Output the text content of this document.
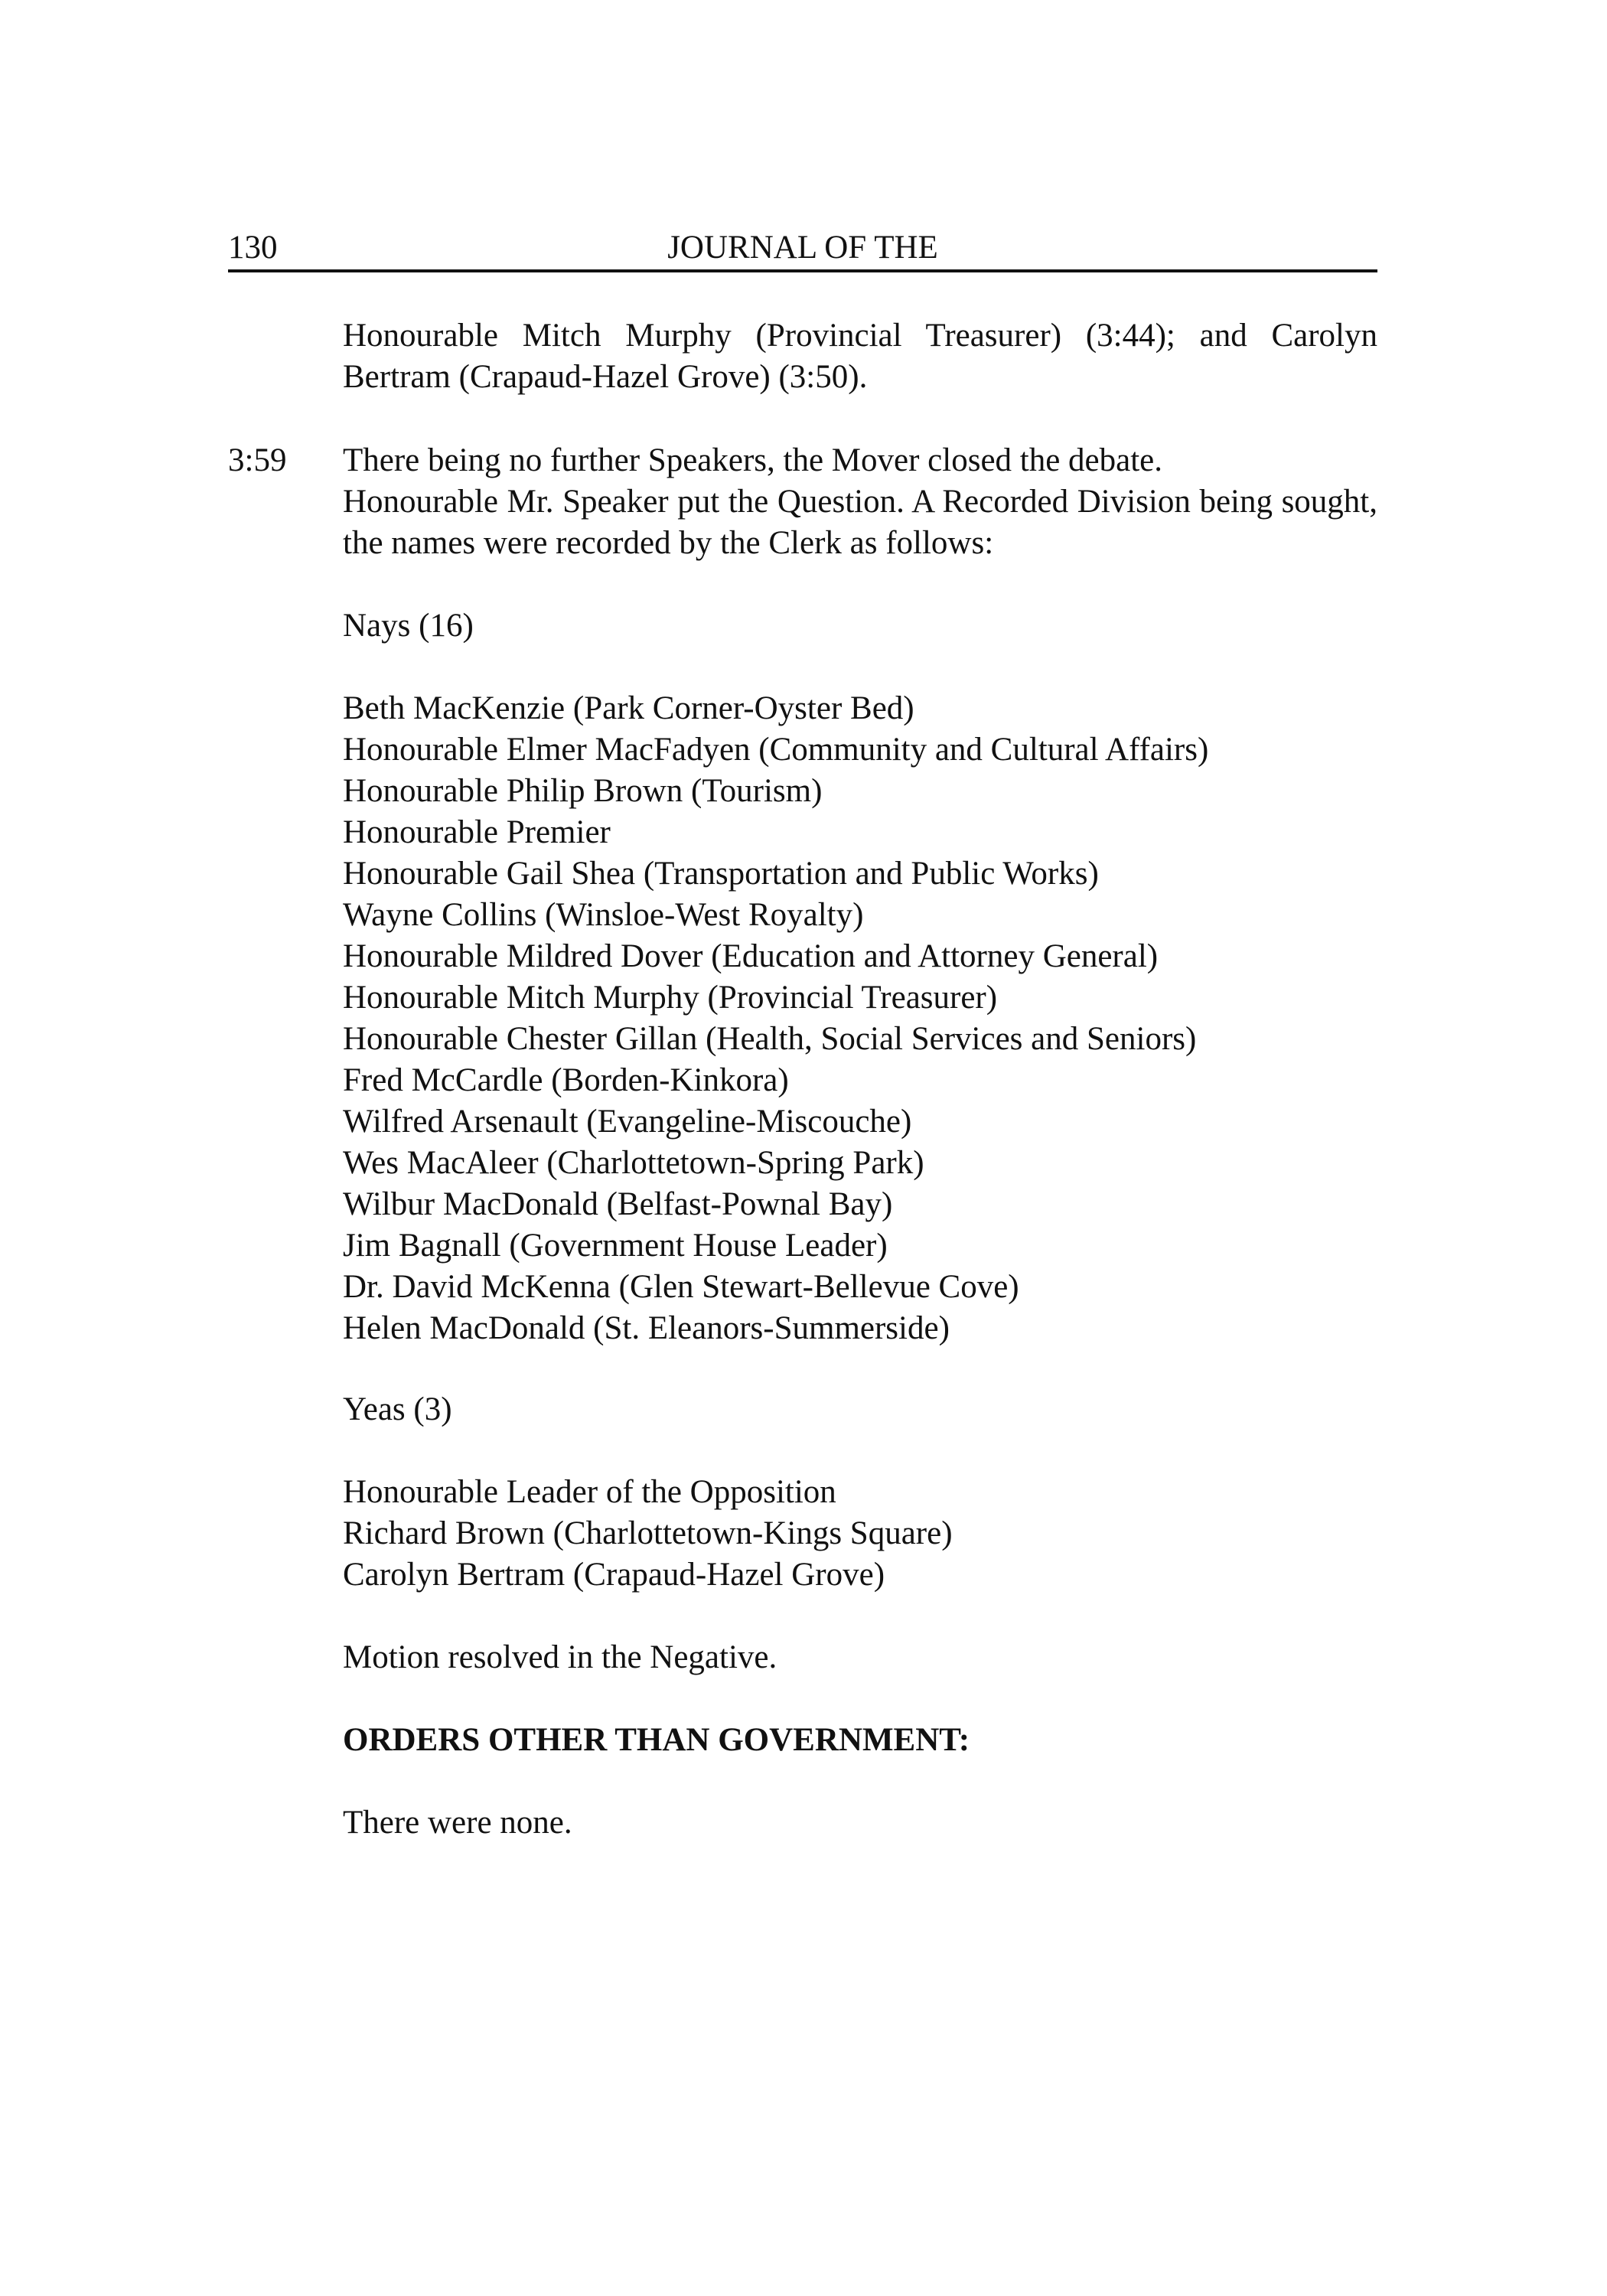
130	JOURNAL OF THE

Honourable Mitch Murphy (Provincial Treasurer) (3:44); and Carolyn Bertram (Crapaud-Hazel Grove) (3:50).

3:59 There being no further Speakers, the Mover closed the debate.

Honourable Mr. Speaker put the Question. A Recorded Division being sought, the names were recorded by the Clerk as follows:

Nays (16)

Beth MacKenzie (Park Corner-Oyster Bed)
Honourable Elmer MacFadyen (Community and Cultural Affairs)
Honourable Philip Brown (Tourism)
Honourable Premier
Honourable Gail Shea (Transportation and Public Works)
Wayne Collins (Winsloe-West Royalty)
Honourable Mildred Dover (Education and Attorney General)
Honourable Mitch Murphy (Provincial Treasurer)
Honourable Chester Gillan (Health, Social Services and Seniors)
Fred McCardle (Borden-Kinkora)
Wilfred Arsenault (Evangeline-Miscouche)
Wes MacAleer (Charlottetown-Spring Park)
Wilbur MacDonald (Belfast-Pownal Bay)
Jim Bagnall (Government House Leader)
Dr. David McKenna (Glen Stewart-Bellevue Cove)
Helen MacDonald (St. Eleanors-Summerside)

Yeas (3)

Honourable Leader of the Opposition
Richard Brown (Charlottetown-Kings Square)
Carolyn Bertram (Crapaud-Hazel Grove)

Motion resolved in the Negative.

ORDERS OTHER THAN GOVERNMENT:

There were none.
